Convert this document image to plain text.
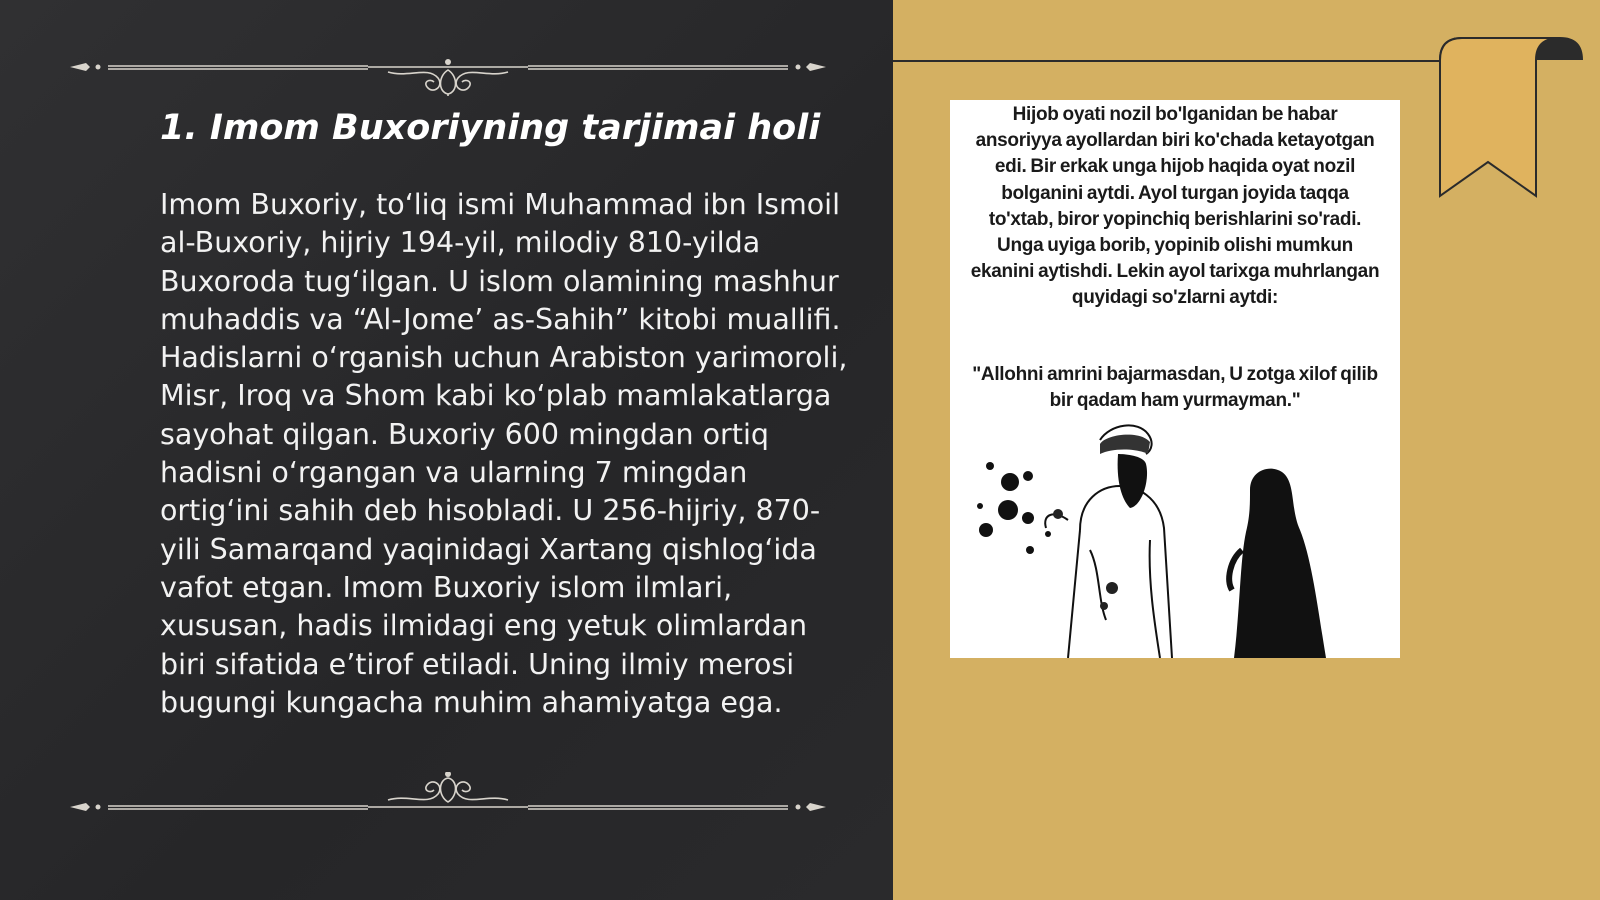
1. Imom Buxoriyning tarjimai holi

Imom Buxoriy, to‘liq ismi Muhammad ibn Ismoil al-Buxoriy, hijriy 194-yil, milodiy 810-yilda Buxoroda tug‘ilgan. U islom olamining mashhur muhaddis va “Al-Jome’ as-Sahih” kitobi muallifi. Hadislarni o‘rganish uchun Arabiston yarimoroli, Misr, Iroq va Shom kabi ko‘plab mamlakatlarga sayohat qilgan. Buxoriy 600 mingdan ortiq hadisni o‘rgangan va ularning 7 mingdan ortig‘ini sahih deb hisobladi. U 256-hijriy, 870-yili Samarqand yaqinidagi Xartang qishlog‘ida vafot etgan. Imom Buxoriy islom ilmlari, xususan, hadis ilmidagi eng yetuk olimlardan biri sifatida e’tirof etiladi. Uning ilmiy merosi bugungi kungacha muhim ahamiyatga ega.

Hijob oyati nozil bo'lganidan be habar ansoriyya ayollardan biri ko'chada ketayotgan edi. Bir erkak unga hijob haqida oyat nozil bolganini aytdi. Ayol turgan joyida taqqa to'xtab, biror yopinchiq berishlarini so'radi. Unga uyiga borib, yopinib olishi mumkun ekanini aytishdi. Lekin ayol tarixga muhrlangan quyidagi so'zlarni aytdi:
"Allohni amrini bajarmasdan, U zotga xilof qilib bir qadam ham yurmayman."
